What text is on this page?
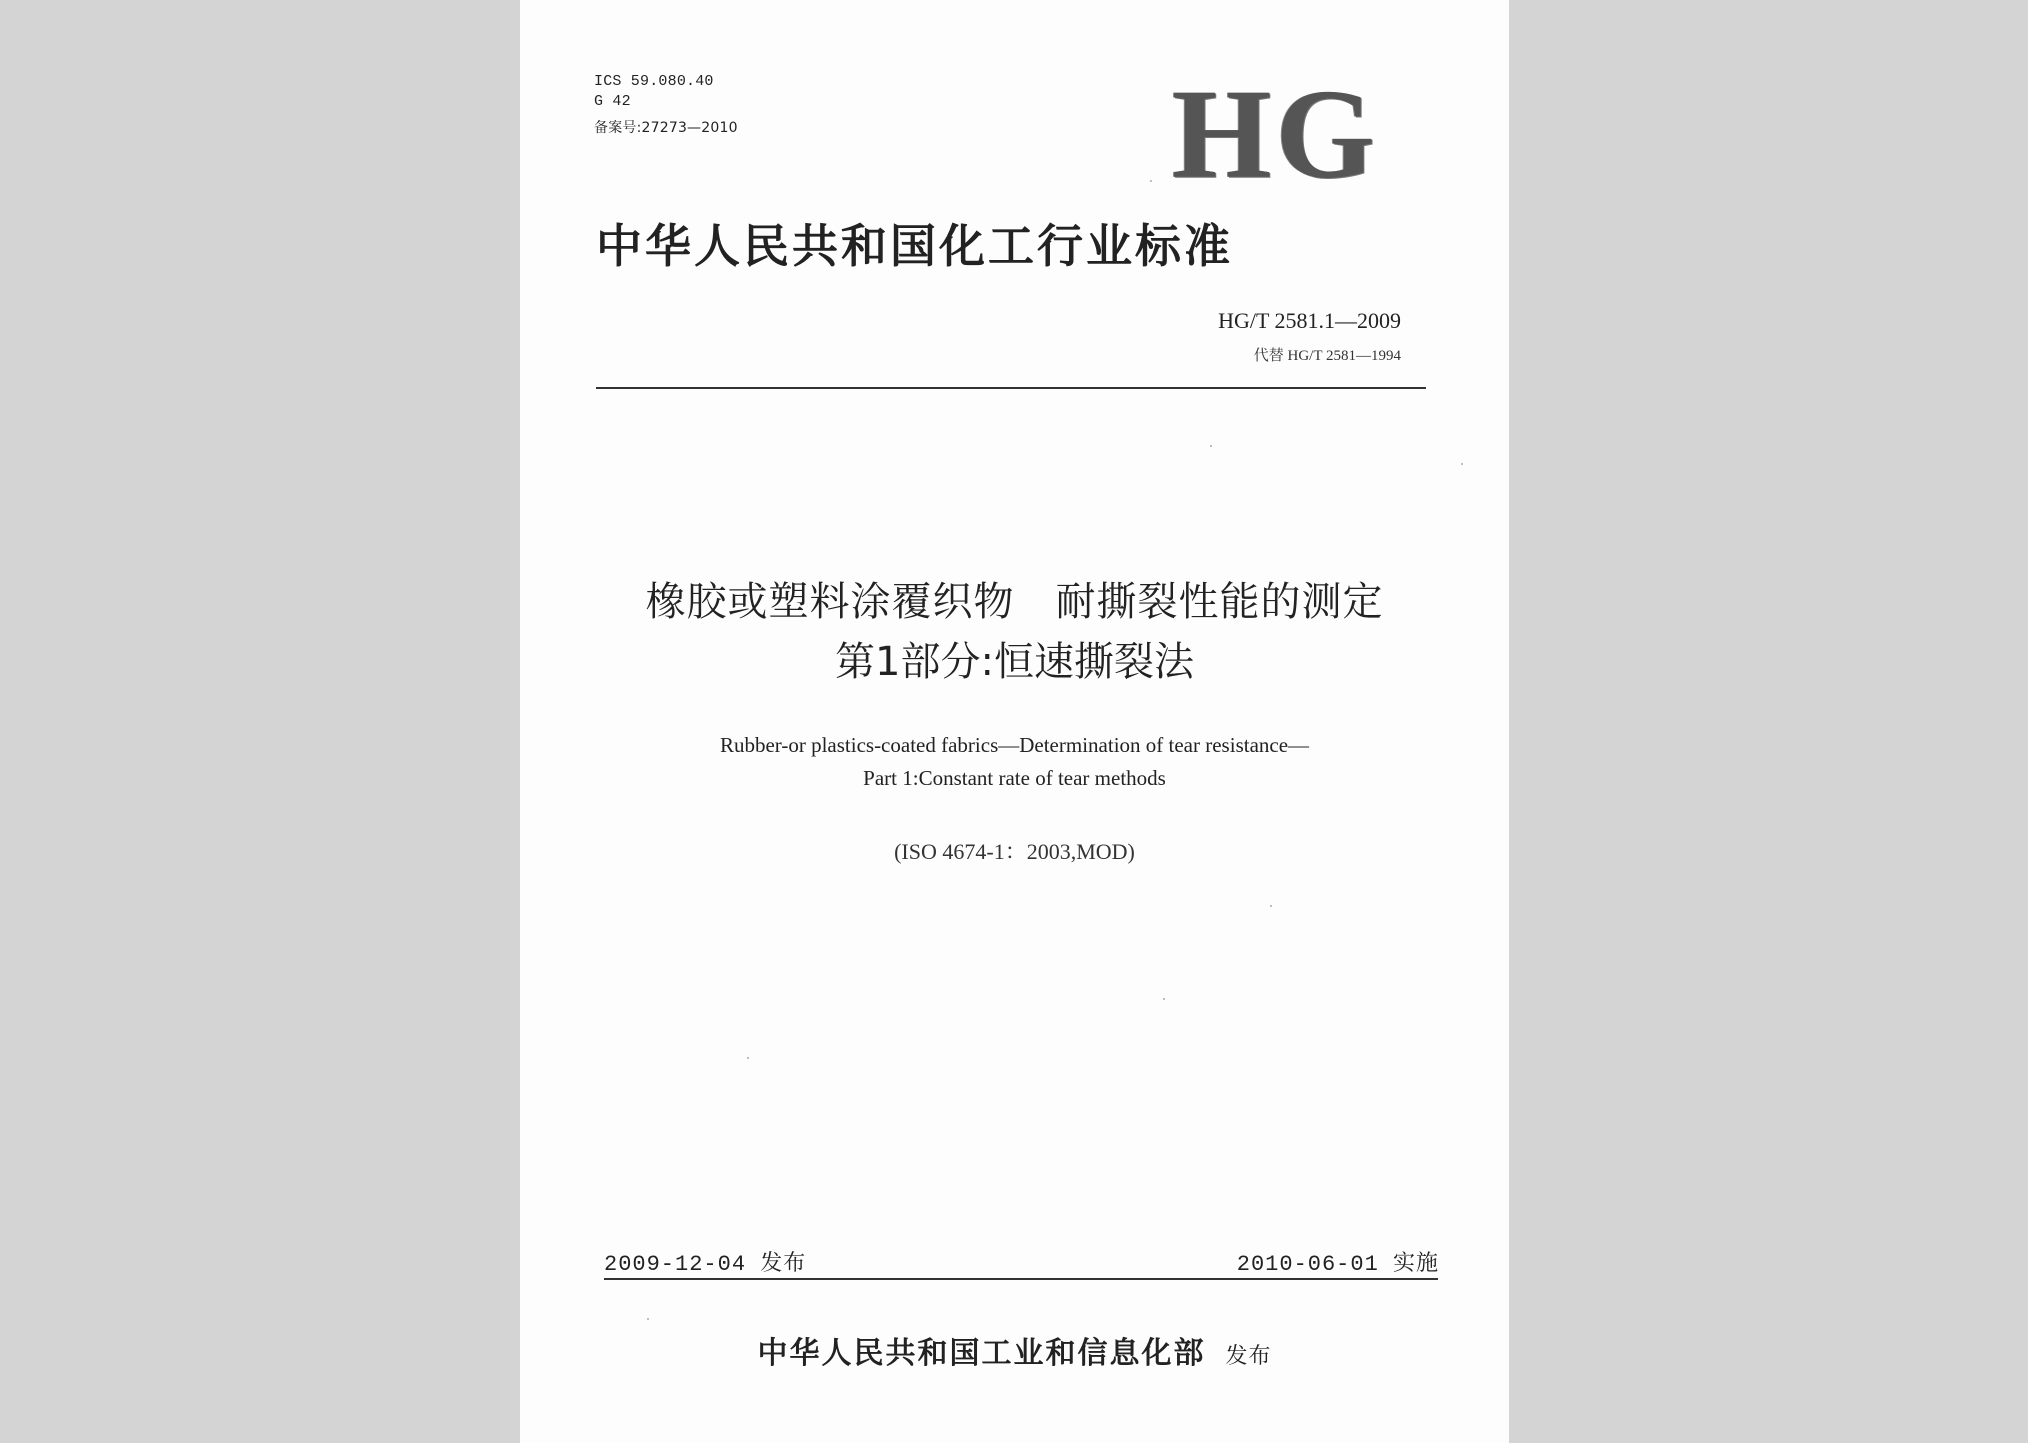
ICS 59.080.40
G 42
备案号:27273—2010	HG
中华人民共和国化工行业标准
HG/T 2581.1—2009
代替 HG/T 2581—1994
橡胶或塑料涂覆织物　耐撕裂性能的测定
第1部分:恒速撕裂法
Rubber-or plastics-coated fabrics—Determination of tear resistance—
Part 1:Constant rate of tear methods
(ISO 4674-1：2003,MOD)
2009-12-04 发布	2010-06-01 实施
中华人民共和国工业和信息化部 发布
